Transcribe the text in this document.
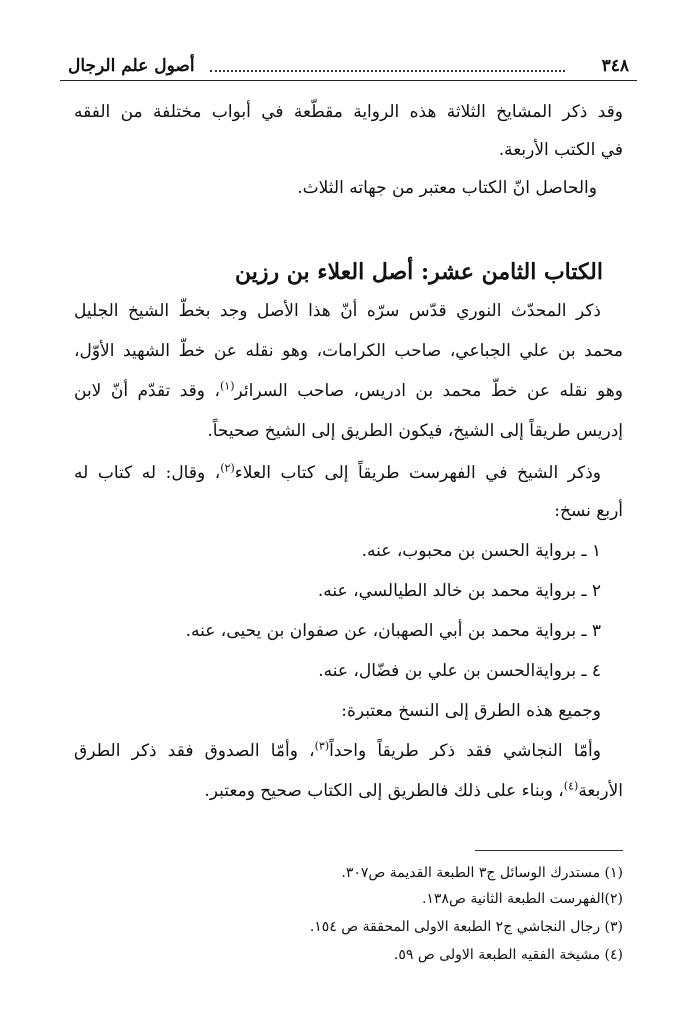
٣٤٨
أصول علم الرجال
وقد ذكر المشايخ الثلاثة هذه الرواية مقطّعة في أبواب مختلفة من الفقه
في الكتب الأربعة.
والحاصل انّ الكتاب معتبر من جهاته الثلاث.
الكتاب الثامن عشر: أصل العلاء بن رزين
ذكر المحدّث النوري قدّس سرّه أنّ هذا الأصل وجد بخطّ الشيخ الجليل
محمد بن علي الجباعي، صاحب الكرامات، وهو نقله عن خطّ الشهيد الأوّل،
وهو نقله عن خطّ محمد بن ادريس، صاحب السرائر$^{(١)}$، وقد تقدّم أنّ لابن
إدريس طريقاً إلى الشيخ، فيكون الطريق إلى الشيخ صحيحاً.
وذكر الشيخ في الفهرست طريقاً إلى كتاب العلاء$^{(٢)}$، وقال: له كتاب له
أربع نسخ:
١ ـ برواية الحسن بن محبوب، عنه.
٢ ـ برواية محمد بن خالد الطيالسي، عنه.
٣ ـ برواية محمد بن أبي الصهبان، عن صفوان بن يحيى، عنه.
٤ ـ بروايةالحسن بن علي بن فضّال، عنه.
وجميع هذه الطرق إلى النسخ معتبرة:
وأمّا النجاشي فقد ذكر طريقاً واحداً$^{(٣)}$، وأمّا الصدوق فقد ذكر الطرق
الأربعة$^{(٤)}$، وبناء على ذلك فالطريق إلى الكتاب صحيح ومعتبر.
(١) مستدرك الوسائل ج٣ الطبعة القديمة ص٣٠٧.
(٢)الفهرست الطبعة الثانية ص١٣٨.
(٣) رجال النجاشي ج٢ الطبعة الاولى المحققة ص ١٥٤.
(٤) مشيخة الفقيه الطبعة الاولى ص ٥٩.
